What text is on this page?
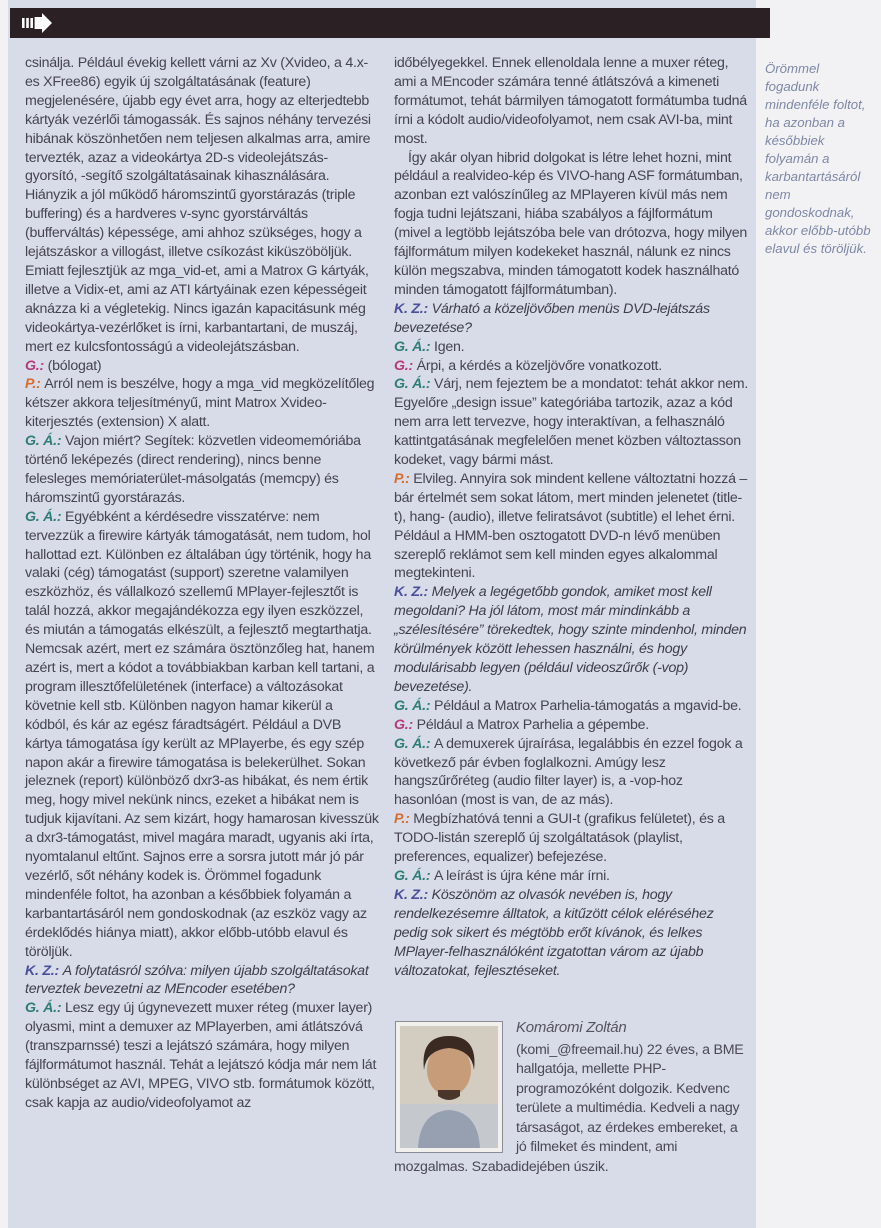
csinálja. Például évekig kellett várni az Xv (Xvideo, a 4.x-es XFree86) egyik új szolgáltatásának (feature) megjelenésére, újabb egy évet arra, hogy az elterjedtebb kártyák vezérlői támogassák. És sajnos néhány tervezési hibának köszönhetően nem teljesen alkalmas arra, amire tervezték, azaz a videokártya 2D-s videolejátszás-gyorsító, -segítő szolgáltatásainak kihasználására. Hiányzik a jól működő háromszintű gyorstárazás (triple buffering) és a hardveres v-sync gyorstárváltás (bufferváltás) képessége, ami ahhoz szükséges, hogy a lejátszáskor a villogást, illetve csíkozást kiküszöböljük. Emiatt fejlesztjük az mga_vid-et, ami a Matrox G kártyák, illetve a Vidix-et, ami az ATI kártyáinak ezen képességeit aknázza ki a végletekig. Nincs igazán kapacitásunk még videokártya-vezérlőket is írni, karbantartani, de muszáj, mert ez kulcsfontosságú a videolejátszásban.

G.: (bólogat)

P.: Arról nem is beszélve, hogy a mga_vid megközelítőleg kétszer akkora teljesítményű, mint Matrox Xvideo-kiterjesztés (extension) X alatt.

G. Á.: Vajon miért? Segítek: közvetlen videomemóriába történő leképezés (direct rendering), nincs benne felesleges memóriaterület-másolgatás (memcpy) és háromszintű gyorstárazás.

G. Á.: Egyébként a kérdésedre visszatérve: nem tervezzük a firewire kártyák támogatását, nem tudom, hol hallottad ezt. Különben ez általában úgy történik, hogy ha valaki (cég) támogatást (support) szeretne valamilyen eszközhöz, és vállalkozó szellemű MPlayer-fejlesztőt is talál hozzá, akkor megajándékozza egy ilyen eszközzel, és miután a támogatás elkészült, a fejlesztő megtarthatja. Nemcsak azért, mert ez számára ösztönzőleg hat, hanem azért is, mert a kódot a továbbiakban karban kell tartani, a program illesztőfelületének (interface) a változásokat követnie kell stb. Különben nagyon hamar kikerül a kódból, és kár az egész fáradtságért. Például a DVB kártya támogatása így került az MPlayerbe, és egy szép napon akár a firewire támogatása is belekerülhet. Sokan jeleznek (report) különböző dxr3-as hibákat, és nem értik meg, hogy mivel nekünk nincs, ezeket a hibákat nem is tudjuk kijavítani. Az sem kizárt, hogy hamarosan kivesszük a dxr3-támogatást, mivel magára maradt, ugyanis aki írta, nyomtalanul eltűnt. Sajnos erre a sorsra jutott már jó pár vezérlő, sőt néhány kodek is. Örömmel fogadunk mindenféle foltot, ha azonban a későbbiek folyamán a karbantartásáról nem gondoskodnak (az eszköz vagy az érdeklődés hiánya miatt), akkor előbb-utóbb elavul és töröljük.

K. Z.: A folytatásról szólva: milyen újabb szolgáltatásokat terveztek bevezetni az MEncoder esetében?

G. Á.: Lesz egy új úgynevezett muxer réteg (muxer layer) olyasmi, mint a demuxer az MPlayerben, ami átlátszóvá (transzparnssé) teszi a lejátszó számára, hogy milyen fájlformátumot használ. Tehát a lejátszó kódja már nem lát különbséget az AVI, MPEG, VIVO stb. formátumok között, csak kapja az audio/videofolyamot az

időbélyegekkel. Ennek ellenoldala lenne a muxer réteg, ami a MEncoder számára tenné átlátszóvá a kimeneti formátumot, tehát bármilyen támogatott formátumba tudná írni a kódolt audio/videofolyamot, nem csak AVI-ba, mint most.

Így akár olyan hibrid dolgokat is létre lehet hozni, mint például a realvideo-kép és VIVO-hang ASF formátumban, azonban ezt valószínűleg az MPlayeren kívül más nem fogja tudni lejátszani, hiába szabályos a fájlformátum (mivel a legtöbb lejátszóba bele van drótozva, hogy milyen fájlformátum milyen kodekeket használ, nálunk ez nincs külön megszabva, minden támogatott kodek használható minden támogatott fájlformátumban).

K. Z.: Várható a közeljövőben menüs DVD-lejátszás bevezetése?

G. Á.: Igen.

G.: Árpi, a kérdés a közeljövőre vonatkozott.

G. Á.: Várj, nem fejeztem be a mondatot: tehát akkor nem. Egyelőre „design issue” kategóriába tartozik, azaz a kód nem arra lett tervezve, hogy interaktívan, a felhasználó kattintgatásának megfelelően menet közben változtasson kodeket, vagy bármi mást.

P.: Elvileg. Annyira sok mindent kellene változtatni hozzá – bár értelmét sem sokat látom, mert minden jelenetet (title-t), hang- (audio), illetve feliratsávot (subtitle) el lehet érni. Például a HMM-ben osztogatott DVD-n lévő menüben szereplő reklámot sem kell minden egyes alkalommal megtekinteni.

K. Z.: Melyek a legégetőbb gondok, amiket most kell megoldani? Ha jól látom, most már mindinkább a „szélesítésére” törekedtek, hogy szinte mindenhol, minden körülmények között lehessen használni, és hogy modulárisabb legyen (például videoszűrők (-vop) bevezetése).

G. Á.: Például a Matrox Parhelia-támogatás a mgavid-be.

G.: Például a Matrox Parhelia a gépembe.

G. Á.: A demuxerek újraírása, legalábbis én ezzel fogok a következő pár évben foglalkozni. Amúgy lesz hangszűrőréteg (audio filter layer) is, a -vop-hoz hasonlóan (most is van, de az más).

P.: Megbízhatóvá tenni a GUI-t (grafikus felületet), és a TODO-listán szereplő új szolgáltatások (playlist, preferences, equalizer) befejezése.

G. Á.: A leírást is újra kéne már írni.

K. Z.: Köszönöm az olvasók nevében is, hogy rendelkezésemre álltatok, a kitűzött célok eléréséhez pedig sok sikert és mégtöbb erőt kívánok, és lelkes MPlayer-felhasználóként izgatottan várom az újabb változatokat, fejlesztéseket.

Komáromi Zoltán
(komi_@freemail.hu) 22 éves, a BME hallgatója, mellette PHP-programozóként dolgozik. Kedvenc területe a multimédia. Kedveli a nagy társaságot, az érdekes embereket, a jó filmeket és mindent, ami mozgalmas. Szabadidejében úszik.
Örömmel fogadunk mindenféle foltot, ha azonban a későbbiek folyamán a karbantartásáról nem gondoskodnak, akkor előbb-utóbb elavul és töröljük.
